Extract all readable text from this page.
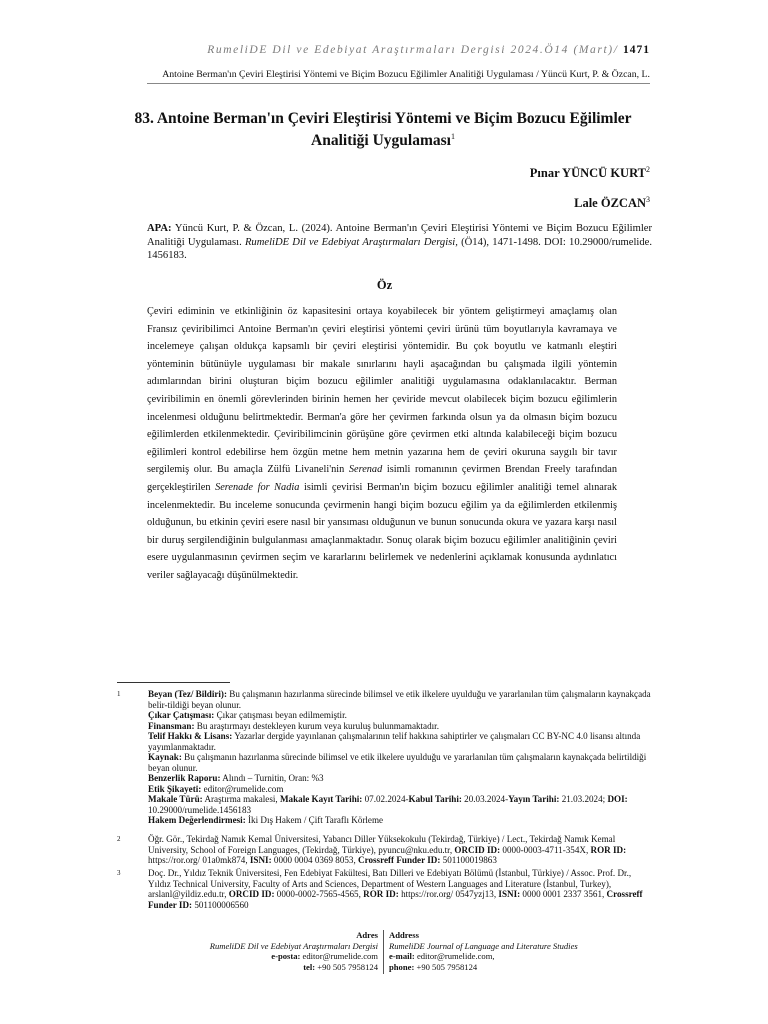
RumeliDE Dil ve Edebiyat Araştırmaları Dergisi 2024.Ö14 (Mart)/ 1471
Antoine Berman'ın Çeviri Eleştirisi Yöntemi ve Biçim Bozucu Eğilimler Analitiği Uygulaması / Yüncü Kurt, P. & Özcan, L.
83. Antoine Berman'ın Çeviri Eleştirisi Yöntemi ve Biçim Bozucu Eğilimler
Analitiği Uygulaması$^1$
Pınar YÜNCÜ KURT$^2$
Lale ÖZCAN$^3$
APA: Yüncü Kurt, P. & Özcan, L. (2024). Antoine Berman'ın Çeviri Eleştirisi Yöntemi ve Biçim Bozucu Eğilimler Analitiği Uygulaması. RumeliDE Dil ve Edebiyat Araştırmaları Dergisi, (Ö14), 1471-1498. DOI: 10.29000/rumelide. 1456183.
Öz
Çeviri ediminin ve etkinliğinin öz kapasitesini ortaya koyabilecek bir yöntem geliştirmeyi amaçlamış olan Fransız çeviribilimci Antoine Berman'ın çeviri eleştirisi yöntemi çeviri ürünü tüm boyutlarıyla kavramaya ve incelemeye çalışan oldukça kapsamlı bir çeviri eleştirisi yöntemidir. Bu çok boyutlu ve katmanlı eleştiri yönteminin bütünüyle uygulaması bir makale sınırlarını hayli aşacağından bu çalışmada ilgili yöntemin adımlarından birini oluşturan biçim bozucu eğilimler analitiği uygulamasına odaklanılacaktır. Berman çeviribilimin en önemli görevlerinden birinin hemen her çeviride mevcut olabilecek biçim bozucu eğilimlerin incelenmesi olduğunu belirtmektedir. Berman'a göre her çevirmen farkında olsun ya da olmasın biçim bozucu eğilimlerden etkilenmektedir. Çeviribilimcinin görüşüne göre çevirmen etki altında kalabileceği biçim bozucu eğilimleri kontrol edebilirse hem özgün metne hem metnin yazarına hem de çeviri okuruna saygılı bir tavır sergilemiş olur. Bu amaçla Zülfü Livaneli'nin Serenad isimli romanının çevirmen Brendan Freely tarafından gerçekleştirilen Serenade for Nadia isimli çevirisi Berman'ın biçim bozucu eğilimler analitiği temel alınarak incelenmektedir. Bu inceleme sonucunda çevirmenin hangi biçim bozucu eğilim ya da eğilimlerden etkilenmiş olduğunun, bu etkinin çeviri esere nasıl bir yansıması olduğunun ve bunun sonucunda okura ve yazara karşı nasıl bir duruş sergilendiğinin bulgulanması amaçlanmaktadır. Sonuç olarak biçim bozucu eğilimler analitiğinin çeviri esere uygulanmasının çevirmen seçim ve kararlarını belirlemek ve nedenlerini açıklamak konusunda aydınlatıcı veriler sağlayacağı düşünülmektedir.
1	Beyan (Tez/ Bildiri): Bu çalışmanın hazırlanma sürecinde bilimsel ve etik ilkelere uyulduğu ve yararlanılan tüm çalışmaların kaynakçada belir-tildiği beyan olunur.
Çıkar Çatışması: Çıkar çatışması beyan edilmemiştir.
Finansman: Bu araştırmayı destekleyen kurum veya kuruluş bulunmamaktadır.
Telif Hakkı & Lisans: Yazarlar dergide yayınlanan çalışmalarının telif hakkına sahiptirler ve çalışmaları CC BY-NC 4.0 lisansı altında yayımlanmaktadır.
Kaynak: Bu çalışmanın hazırlanma sürecinde bilimsel ve etik ilkelere uyulduğu ve yararlanılan tüm çalışmaların kaynakçada belirtildiği beyan olunur.
Benzerlik Raporu: Alındı – Turnitin, Oran: %3
Etik Şikayeti: editor@rumelide.com
Makale Türü: Araştırma makalesi, Makale Kayıt Tarihi: 07.02.2024-Kabul Tarihi: 20.03.2024-Yayın Tarihi: 21.03.2024; DOI: 10.29000/rumelide.1456183
Hakem Değerlendirmesi: İki Dış Hakem / Çift Taraflı Körleme
2	Öğr. Gör., Tekirdağ Namık Kemal Üniversitesi, Yabancı Diller Yüksekokulu (Tekirdağ, Türkiye) / Lect., Tekirdağ Namık Kemal University, School of Foreign Languages, (Tekirdağ, Türkiye), pyuncu@nku.edu.tr, ORCID ID: 0000-0003-4711-354X, ROR ID: https://ror.org/ 01a0mk874, ISNI: 0000 0004 0369 8053, Crossreff Funder ID: 501100019863
3	Doç. Dr., Yıldız Teknik Üniversitesi, Fen Edebiyat Fakültesi, Batı Dilleri ve Edebiyatı Bölümü (İstanbul, Türkiye) / Assoc. Prof. Dr., Yıldız Technical University, Faculty of Arts and Sciences, Department of Western Languages and Literature (İstanbul, Turkey), arslanl@yildiz.edu.tr, ORCID ID: 0000-0002-7565-4565, ROR ID: https://ror.org/ 0547yzj13, ISNI: 0000 0001 2337 3561, Crossreff Funder ID: 501100006560
Adres
RumeliDE Dil ve Edebiyat Araştırmaları Dergisi
e-posta: editor@rumelide.com
tel: +90 505 7958124
Address
RumeliDE Journal of Language and Literature Studies
e-mail: editor@rumelide.com,
phone: +90 505 7958124
